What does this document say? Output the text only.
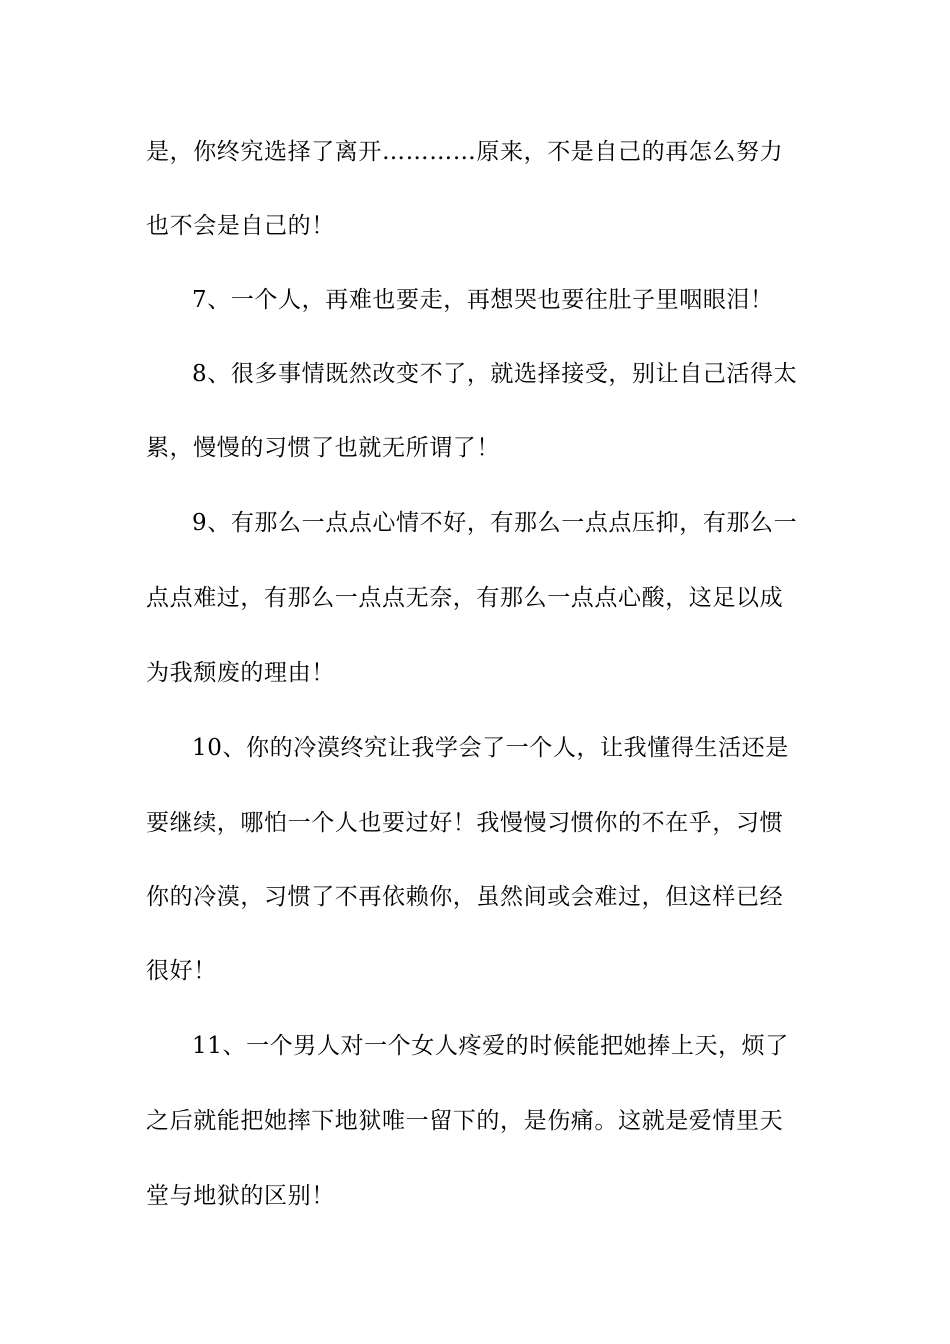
是，你终究选择了离开…………原来，不是自己的再怎么努力
也不会是自己的！
7、一个人，再难也要走，再想哭也要往肚子里咽眼泪！
8、很多事情既然改变不了，就选择接受，别让自己活得太
累，慢慢的习惯了也就无所谓了！
9、有那么一点点心情不好，有那么一点点压抑，有那么一
点点难过，有那么一点点无奈，有那么一点点心酸，这足以成
为我颓废的理由！
10、你的冷漠终究让我学会了一个人，让我懂得生活还是
要继续，哪怕一个人也要过好！我慢慢习惯你的不在乎，习惯
你的冷漠，习惯了不再依赖你，虽然间或会难过，但这样已经
很好！
11、一个男人对一个女人疼爱的时候能把她捧上天，烦了
之后就能把她摔下地狱唯一留下的，是伤痛。这就是爱情里天
堂与地狱的区别！
